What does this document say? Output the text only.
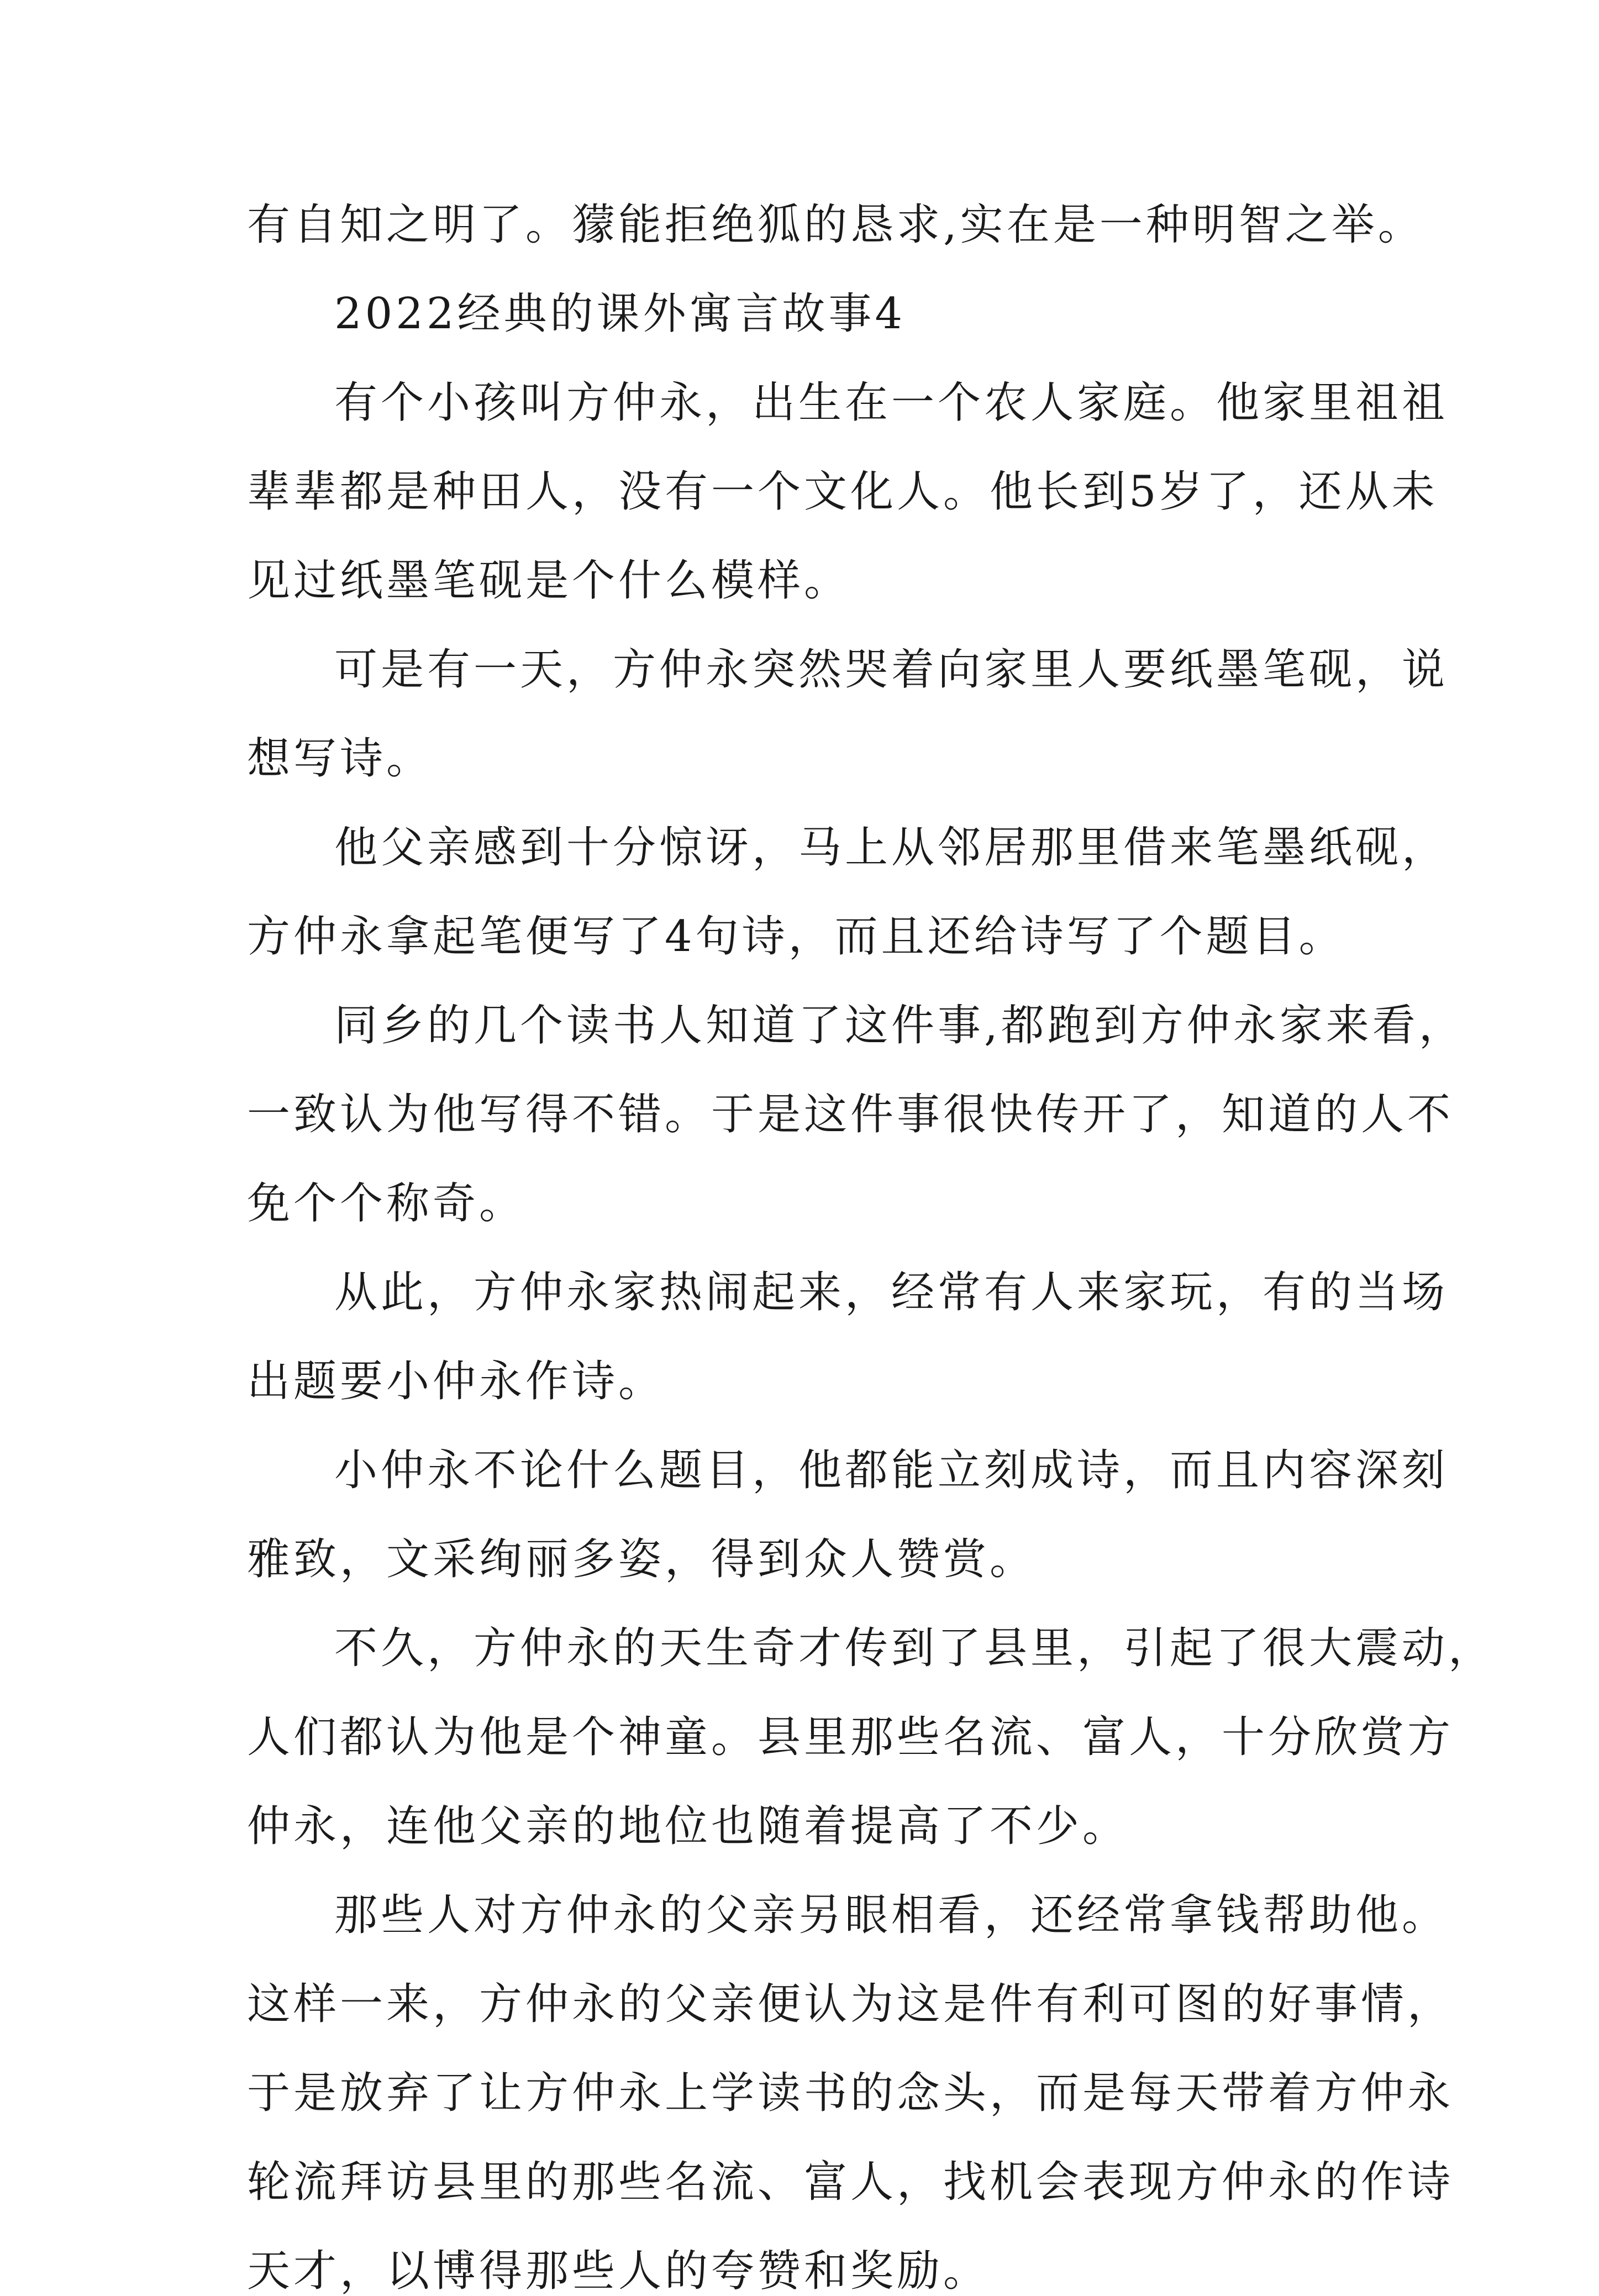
有自知之明了。獴能拒绝狐的恳求,实在是一种明智之举。
2022经典的课外寓言故事4
有个小孩叫方仲永，出生在一个农人家庭。他家里祖祖
辈辈都是种田人，没有一个文化人。他长到5岁了，还从未
见过纸墨笔砚是个什么模样。
可是有一天，方仲永突然哭着向家里人要纸墨笔砚，说
想写诗。
他父亲感到十分惊讶，马上从邻居那里借来笔墨纸砚，
方仲永拿起笔便写了4句诗，而且还给诗写了个题目。
同乡的几个读书人知道了这件事,都跑到方仲永家来看，
一致认为他写得不错。于是这件事很快传开了，知道的人不
免个个称奇。
从此，方仲永家热闹起来，经常有人来家玩，有的当场
出题要小仲永作诗。
小仲永不论什么题目，他都能立刻成诗，而且内容深刻
雅致，文采绚丽多姿，得到众人赞赏。
不久，方仲永的天生奇才传到了县里，引起了很大震动，
人们都认为他是个神童。县里那些名流、富人，十分欣赏方
仲永，连他父亲的地位也随着提高了不少。
那些人对方仲永的父亲另眼相看，还经常拿钱帮助他。
这样一来，方仲永的父亲便认为这是件有利可图的好事情，
于是放弃了让方仲永上学读书的念头，而是每天带着方仲永
轮流拜访县里的那些名流、富人，找机会表现方仲永的作诗
天才，以博得那些人的夸赞和奖励。
